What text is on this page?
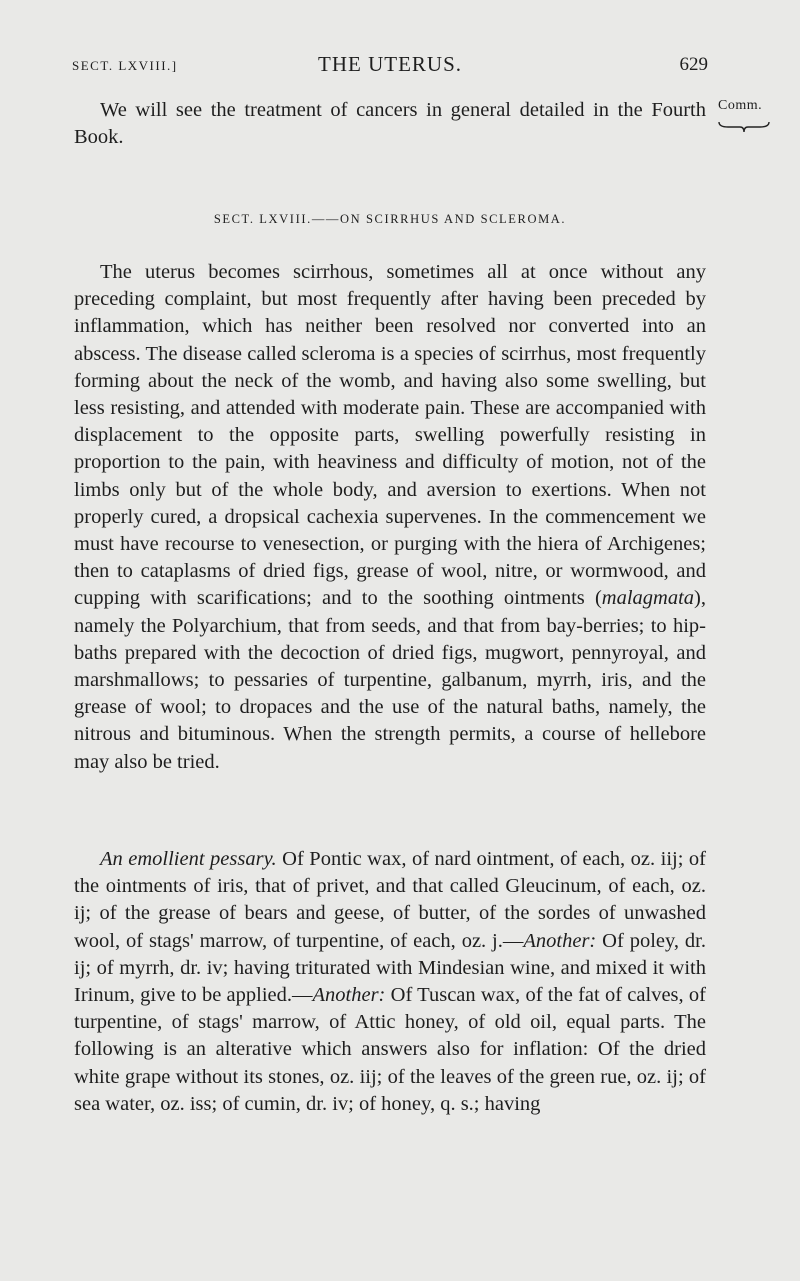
SECT. LXVIII.]	THE UTERUS.	629
Comm.

We will see the treatment of cancers in general detailed in the Fourth Book.

SECT. LXVIII.——ON SCIRRHUS AND SCLEROMA.

The uterus becomes scirrhous, sometimes all at once without any preceding complaint, but most frequently after having been preceded by inflammation, which has neither been resolved nor converted into an abscess. The disease called scleroma is a species of scirrhus, most frequently forming about the neck of the womb, and having also some swelling, but less resisting, and attended with moderate pain. These are accompanied with displacement to the opposite parts, swelling powerfully resisting in proportion to the pain, with heaviness and difficulty of motion, not of the limbs only but of the whole body, and aversion to exertions. When not properly cured, a dropsical cachexia supervenes. In the commencement we must have recourse to venesection, or purging with the hiera of Archigenes; then to cataplasms of dried figs, grease of wool, nitre, or wormwood, and cupping with scarifications; and to the soothing ointments (malagmata), namely the Polyarchium, that from seeds, and that from bay-berries; to hip-baths prepared with the decoction of dried figs, mugwort, pennyroyal, and marshmallows; to pessaries of turpentine, galbanum, myrrh, iris, and the grease of wool; to dropaces and the use of the natural baths, namely, the nitrous and bituminous. When the strength permits, a course of hellebore may also be tried.

An emollient pessary. Of Pontic wax, of nard ointment, of each, oz. iij; of the ointments of iris, that of privet, and that called Gleucinum, of each, oz. ij; of the grease of bears and geese, of butter, of the sordes of unwashed wool, of stags' marrow, of turpentine, of each, oz. j.—Another: Of poley, dr. ij; of myrrh, dr. iv; having triturated with Mindesian wine, and mixed it with Irinum, give to be applied.—Another: Of Tuscan wax, of the fat of calves, of turpentine, of stags' marrow, of Attic honey, of old oil, equal parts. The following is an alterative which answers also for inflation: Of the dried white grape without its stones, oz. iij; of the leaves of the green rue, oz. ij; of sea water, oz. iss; of cumin, dr. iv; of honey, q. s.; having
